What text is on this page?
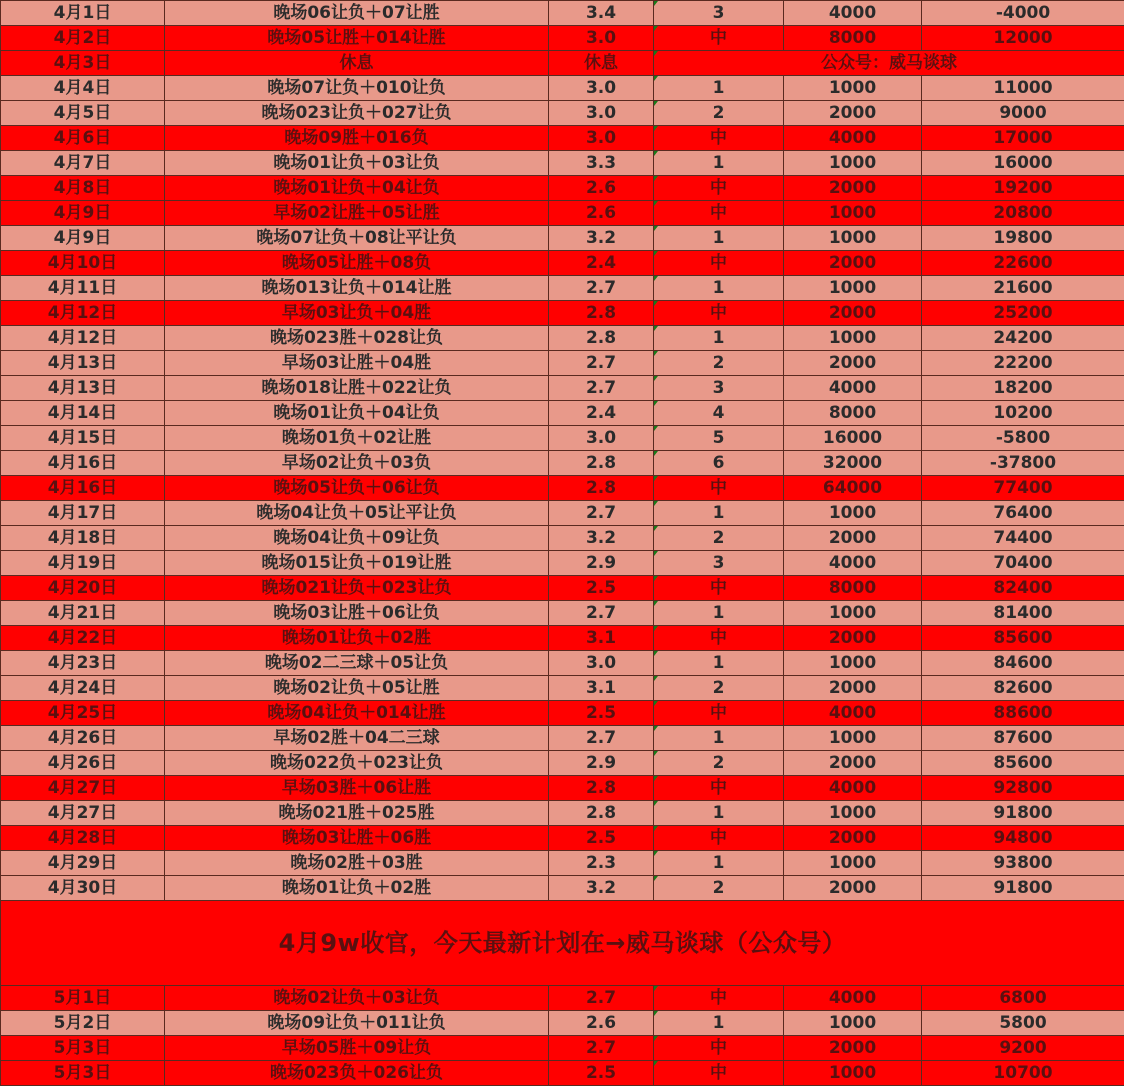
4月1日	晚场06让负＋07让胜	3.4	3	4000	-4000
4月2日	晚场05让胜＋014让胜	3.0	中	8000	12000
4月3日	休息	休息	公众号：威马谈球		
4月4日	晚场07让负＋010让负	3.0	1	1000	11000
4月5日	晚场023让负＋027让负	3.0	2	2000	9000
4月6日	晚场09胜＋016负	3.0	中	4000	17000
4月7日	晚场01让负＋03让负	3.3	1	1000	16000
4月8日	晚场01让负＋04让负	2.6	中	2000	19200
4月9日	早场02让胜＋05让胜	2.6	中	1000	20800
4月9日	晚场07让负＋08让平让负	3.2	1	1000	19800
4月10日	晚场05让胜＋08负	2.4	中	2000	22600
4月11日	晚场013让负＋014让胜	2.7	1	1000	21600
4月12日	早场03让负＋04胜	2.8	中	2000	25200
4月12日	晚场023胜＋028让负	2.8	1	1000	24200
4月13日	早场03让胜＋04胜	2.7	2	2000	22200
4月13日	晚场018让胜＋022让负	2.7	3	4000	18200
4月14日	晚场01让负＋04让负	2.4	4	8000	10200
4月15日	晚场01负＋02让胜	3.0	5	16000	-5800
4月16日	早场02让负＋03负	2.8	6	32000	-37800
4月16日	晚场05让负＋06让负	2.8	中	64000	77400
4月17日	晚场04让负＋05让平让负	2.7	1	1000	76400
4月18日	晚场04让负＋09让负	3.2	2	2000	74400
4月19日	晚场015让负＋019让胜	2.9	3	4000	70400
4月20日	晚场021让负＋023让负	2.5	中	8000	82400
4月21日	晚场03让胜＋06让负	2.7	1	1000	81400
4月22日	晚场01让负＋02胜	3.1	中	2000	85600
4月23日	晚场02二三球＋05让负	3.0	1	1000	84600
4月24日	晚场02让负＋05让胜	3.1	2	2000	82600
4月25日	晚场04让负＋014让胜	2.5	中	4000	88600
4月26日	早场02胜＋04二三球	2.7	1	1000	87600
4月26日	晚场022负＋023让负	2.9	2	2000	85600
4月27日	早场03胜＋06让胜	2.8	中	4000	92800
4月27日	晚场021胜＋025胜	2.8	1	1000	91800
4月28日	晚场03让胜＋06胜	2.5	中	2000	94800
4月29日	晚场02胜＋03胜	2.3	1	1000	93800
4月30日	晚场01让负＋02胜	3.2	2	2000	91800
4月9w收官，今天最新计划在→威马谈球（公众号）					
5月1日	晚场02让负＋03让负	2.7	中	4000	6800
5月2日	晚场09让负＋011让负	2.6	1	1000	5800
5月3日	早场05胜＋09让负	2.7	中	2000	9200
5月3日	晚场023负＋026让负	2.5	中	1000	10700
